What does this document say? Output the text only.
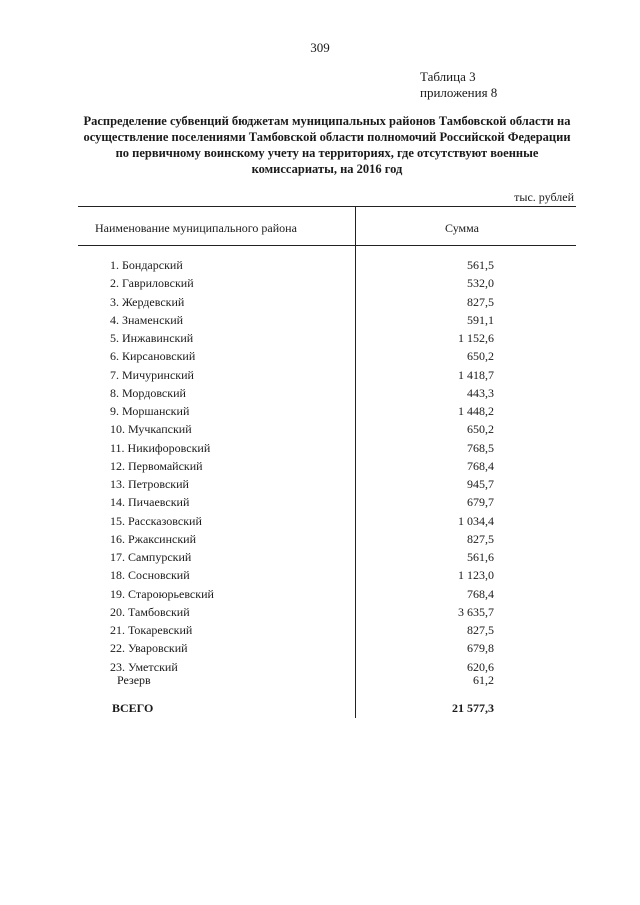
309
Таблица 3
приложения 8
Распределение субвенций бюджетам муниципальных районов Тамбовской области на осуществление поселениями Тамбовской области полномочий Российской Федерации по первичному воинскому учету на территориях, где отсутствуют военные комиссариаты, на 2016 год
тыс. рублей
Наименование муниципального района	Сумма
1. Бондарский	561,5
2. Гавриловский	532,0
3. Жердевский	827,5
4. Знаменский	591,1
5. Инжавинский	1 152,6
6. Кирсановский	650,2
7. Мичуринский	1 418,7
8. Мордовский	443,3
9. Моршанский	1 448,2
10. Мучкапский	650,2
11. Никифоровский	768,5
12. Первомайский	768,4
13. Петровский	945,7
14. Пичаевский	679,7
15. Рассказовский	1 034,4
16. Ржаксинский	827,5
17. Сампурский	561,6
18. Сосновский	1 123,0
19. Староюрьевский	768,4
20. Тамбовский	3 635,7
21. Токаревский	827,5
22. Уваровский	679,8
23. Уметский	620,6
Резерв	61,2
ВСЕГО	21 577,3
